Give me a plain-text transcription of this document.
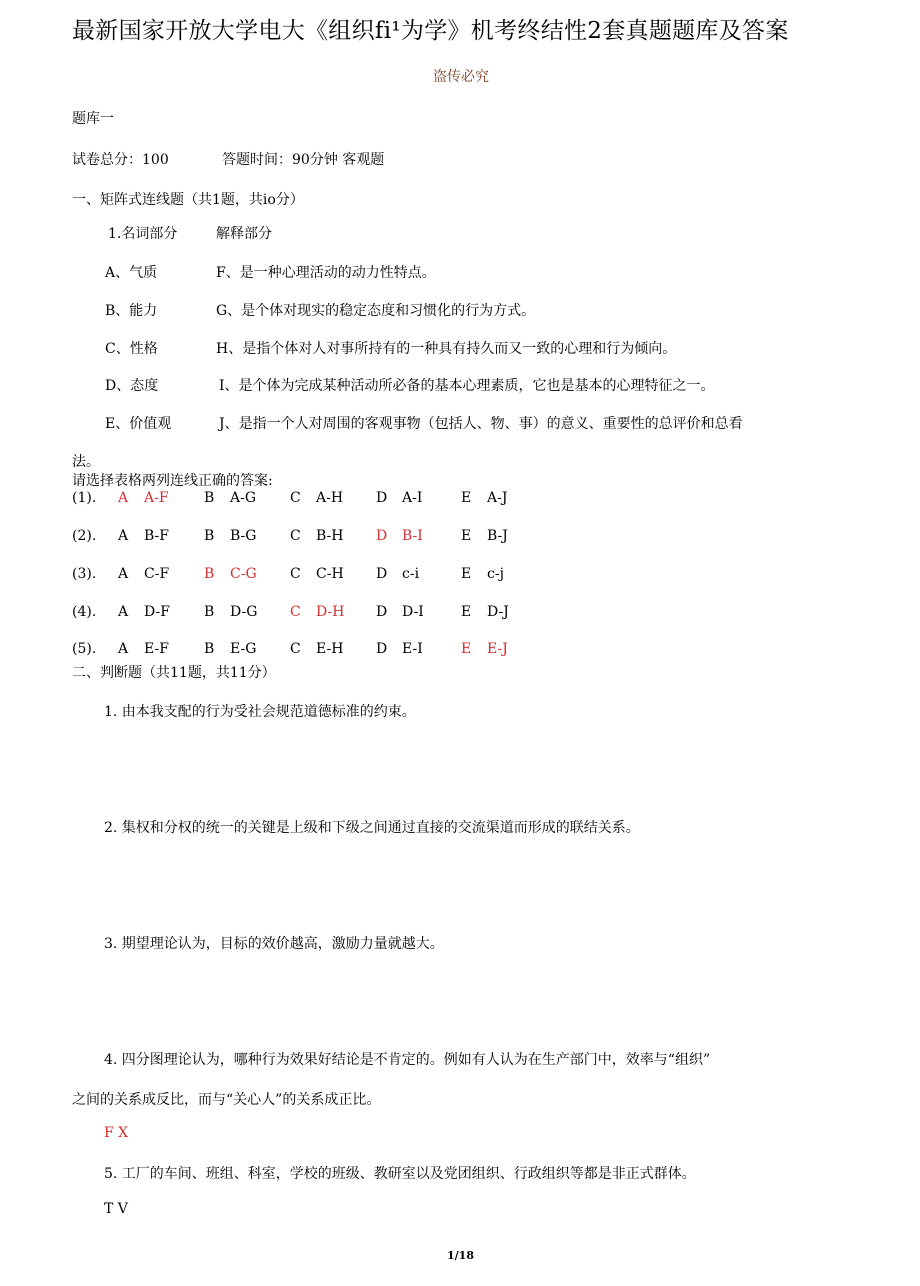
最新国家开放大学电大《组织fi¹为学》机考终结性2套真题题库及答案
盗传必究
题库一
试卷总分：100	答题时间：90分钟 客观题
一、矩阵式连线题（共1题，共io分）
1.名词部分	解释部分
A、气质	F、是一种心理活动的动力性特点。
B、能力	G、是个体对现实的稳定态度和习惯化的行为方式。
C、性格	H、是指个体对人对事所持有的一种具有持久而又一致的心理和行为倾向。
D、态度	I、是个体为完成某种活动所必备的基本心理素质，它也是基本的心理特征之一。
E、价值观	J、是指一个人对周围的客观事物（包括人、物、事）的意义、重要性的总评价和总看
法。
请选择表格两列连线正确的答案:
(1). A A-F	B A-G C A-H D A-I	E A-J
(2). A B-F	B B-G C B-H D B-I	E B-J
(3). A C-F B C-G C C-H D c-i	E c-j
(4). A D-F B D-G C D-H D D-I	E D-J
(5). A E-F	B E-G C E-H D E-I	E E-J
二、判断题（共11题，共11分）
1. 由本我支配的行为受社会规范道德标准的约束。
2. 集权和分权的统一的关键是上级和下级之间通过直接的交流渠道而形成的联结关系。
3. 期望理论认为，目标的效价越高，激励力量就越大。
4. 四分图理论认为，哪种行为效果好结论是不肯定的。例如有人认为在生产部门中，效率与“组织”
之间的关系成反比，而与“关心人”的关系成正比。
F X
5. 工厂的车间、班组、科室，学校的班级、教研室以及党团组织、行政组织等都是非正式群体。
T V
1/18
